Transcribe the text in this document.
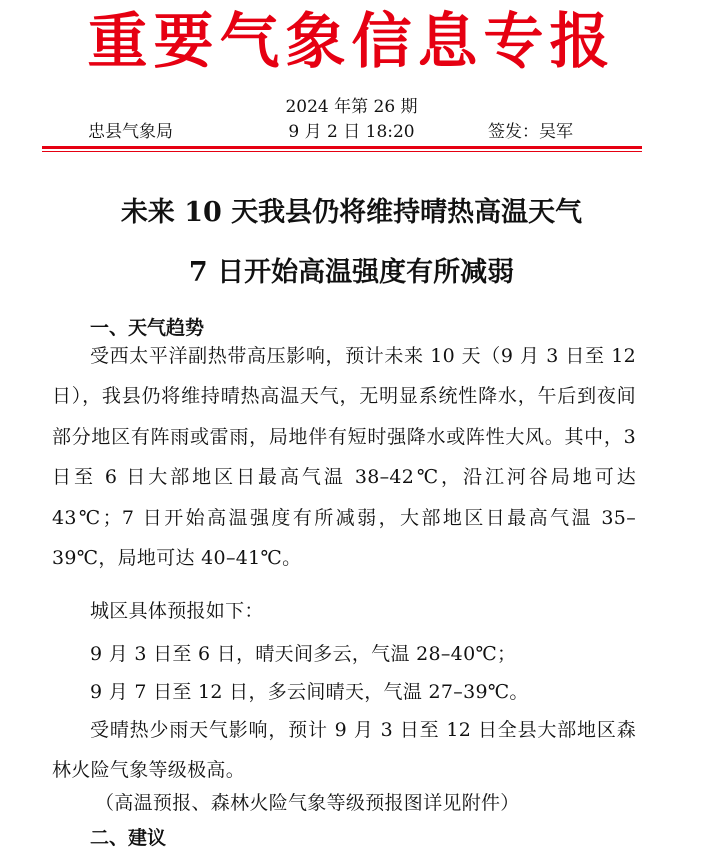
重要气象信息专报
2024 年第 26 期
忠县气象局	9 月 2 日 18:20	签发：吴军
未来 10 天我县仍将维持晴热高温天气
7 日开始高温强度有所减弱
一、天气趋势
受西太平洋副热带高压影响，预计未来 10 天（9 月 3 日至 12 日），我县仍将维持晴热高温天气，无明显系统性降水，午后到夜间部分地区有阵雨或雷雨，局地伴有短时强降水或阵性大风。其中，3 日至 6 日大部地区日最高气温 38–42℃，沿江河谷局地可达 43℃；7 日开始高温强度有所减弱，大部地区日最高气温 35–39℃，局地可达 40–41℃。
城区具体预报如下：
9 月 3 日至 6 日，晴天间多云，气温 28–40℃；
9 月 7 日至 12 日，多云间晴天，气温 27–39℃。
受晴热少雨天气影响，预计 9 月 3 日至 12 日全县大部地区森林火险气象等级极高。
（高温预报、森林火险气象等级预报图详见附件）
二、建议
